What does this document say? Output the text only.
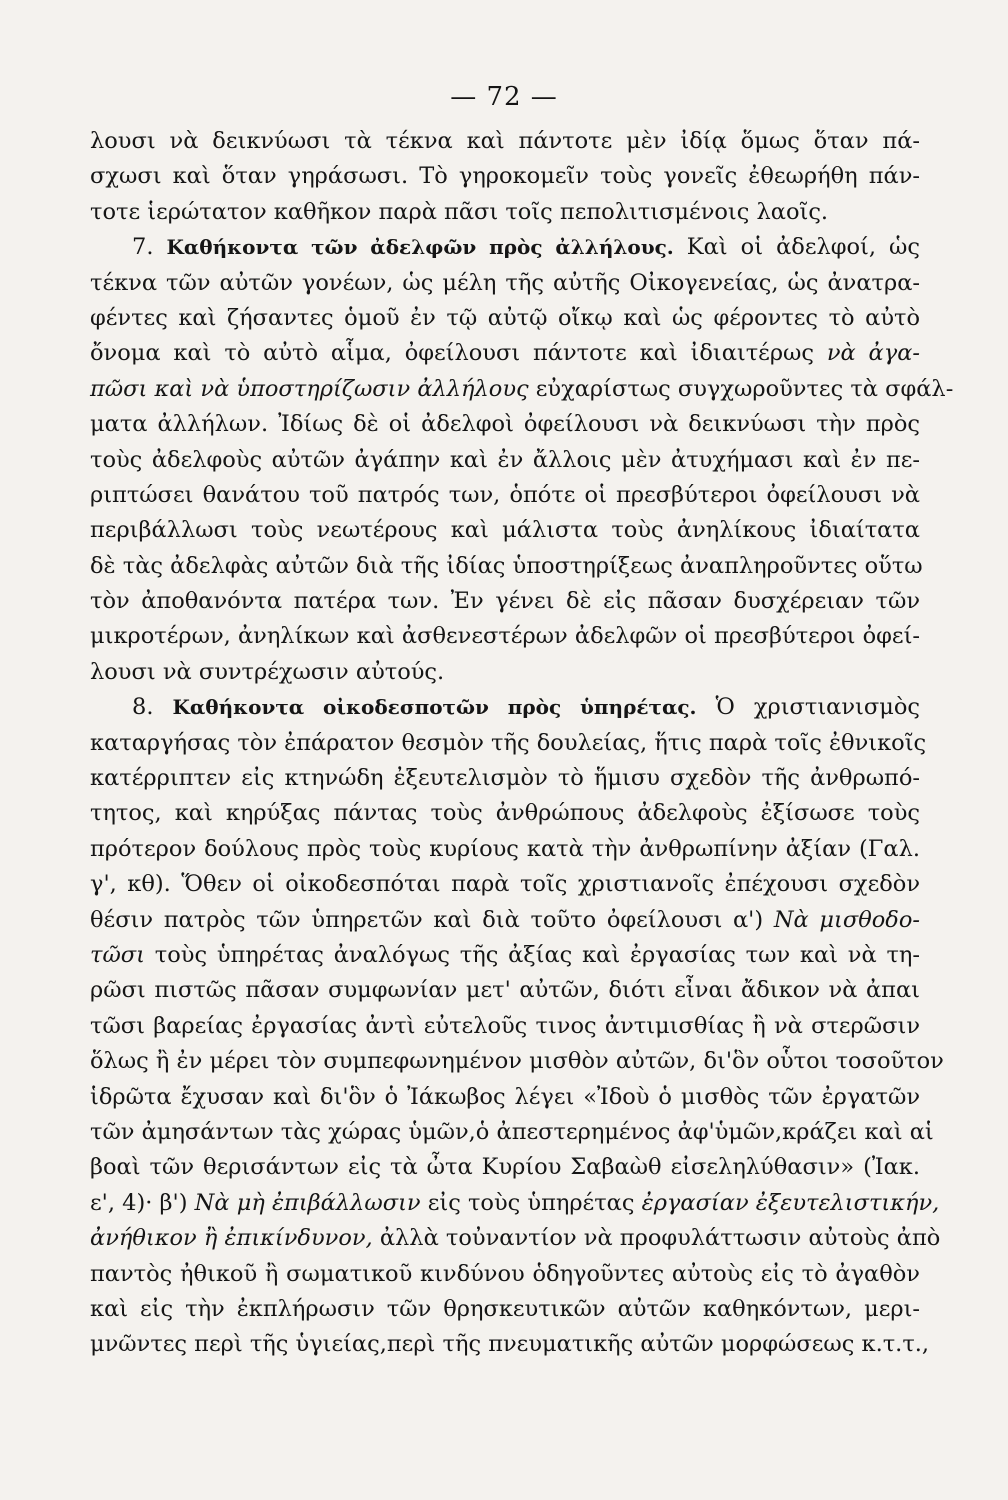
— 72 —
λουσι νὰ δεικνύωσι τὰ τέκνα καὶ πάντοτε μὲν ἰδίᾳ ὅμως ὅταν πά-
σχωσι καὶ ὅταν γηράσωσι. Τὸ γηροκομεῖν τοὺς γονεῖς ἐθεωρήθη πάν-
τοτε ἱερώτατον καθῆκον παρὰ πᾶσι τοῖς πεπολιτισμένοις λαοῖς.
7. Καθήκοντα τῶν ἀδελφῶν πρὸς ἀλλήλους. Καὶ οἱ ἀδελφοί, ὡς
τέκνα τῶν αὐτῶν γονέων, ὡς μέλη τῆς αὐτῆς Οἰκογενείας, ὡς ἀνατρα-
φέντες καὶ ζήσαντες ὁμοῦ ἐν τῷ αὐτῷ οἴκῳ καὶ ὡς φέροντες τὸ αὐτὸ
ὄνομα καὶ τὸ αὐτὸ αἷμα, ὀφείλουσι πάντοτε καὶ ἰδιαιτέρως νὰ ἀγα-
πῶσι καὶ νὰ ὑποστηρίζωσιν ἀλλήλους εὐχαρίστως συγχωροῦντες τὰ σφάλ-
ματα ἀλλήλων. Ἰδίως δὲ οἱ ἀδελφοὶ ὀφείλουσι νὰ δεικνύωσι τὴν πρὸς
τοὺς ἀδελφοὺς αὐτῶν ἀγάπην καὶ ἐν ἄλλοις μὲν ἀτυχήμασι καὶ ἐν πε-
ριπτώσει θανάτου τοῦ πατρός των, ὁπότε οἱ πρεσβύτεροι ὀφείλουσι νὰ
περιβάλλωσι τοὺς νεωτέρους καὶ μάλιστα τοὺς ἀνηλίκους ἰδιαίτατα
δὲ τὰς ἀδελφὰς αὐτῶν διὰ τῆς ἰδίας ὑποστηρίξεως ἀναπληροῦντες οὕτω
τὸν ἀποθανόντα πατέρα των. Ἐν γένει δὲ εἰς πᾶσαν δυσχέρειαν τῶν
μικροτέρων, ἀνηλίκων καὶ ἀσθενεστέρων ἀδελφῶν οἱ πρεσβύτεροι ὀφεί-
λουσι νὰ συντρέχωσιν αὐτούς.
8. Καθήκοντα οἰκοδεσποτῶν πρὸς ὑπηρέτας. Ὁ χριστιανισμὸς
καταργήσας τὸν ἐπάρατον θεσμὸν τῆς δουλείας, ἥτις παρὰ τοῖς ἐθνικοῖς
κατέρριπτεν εἰς κτηνώδη ἐξευτελισμὸν τὸ ἥμισυ σχεδὸν τῆς ἀνθρωπό-
τητος, καὶ κηρύξας πάντας τοὺς ἀνθρώπους ἀδελφοὺς ἐξίσωσε τοὺς
πρότερον δούλους πρὸς τοὺς κυρίους κατὰ τὴν ἀνθρωπίνην ἀξίαν (Γαλ.
γ', κθ). Ὅθεν οἱ οἰκοδεσπόται παρὰ τοῖς χριστιανοῖς ἐπέχουσι σχεδὸν
θέσιν πατρὸς τῶν ὑπηρετῶν καὶ διὰ τοῦτο ὀφείλουσι α') Νὰ μισθοδο-
τῶσι τοὺς ὑπηρέτας ἀναλόγως τῆς ἀξίας καὶ ἐργασίας των καὶ νὰ τη-
ρῶσι πιστῶς πᾶσαν συμφωνίαν μετ' αὐτῶν, διότι εἶναι ἄδικον νὰ ἀπαι
τῶσι βαρείας ἐργασίας ἀντὶ εὐτελοῦς τινος ἀντιμισθίας ἢ νὰ στερῶσιν
ὅλως ἢ ἐν μέρει τὸν συμπεφωνημένον μισθὸν αὐτῶν, δι'ὃν οὗτοι τοσοῦτον
ἱδρῶτα ἔχυσαν καὶ δι'ὃν ὁ Ἰάκωβος λέγει «Ἰδοὺ ὁ μισθὸς τῶν ἐργατῶν
τῶν ἀμησάντων τὰς χώρας ὑμῶν,ὁ ἀπεστερημένος ἀφ'ὑμῶν,κράζει καὶ αἱ
βοαὶ τῶν θερισάντων εἰς τὰ ὦτα Κυρίου Σαβαὼθ εἰσεληλύθασιν» (Ἰακ.
ε', 4)· β') Νὰ μὴ ἐπιβάλλωσιν εἰς τοὺς ὑπηρέτας ἐργασίαν ἐξευτελιστικήν,
ἀνήθικον ἢ ἐπικίνδυνον, ἀλλὰ τοὐναντίον νὰ προφυλάττωσιν αὐτοὺς ἀπὸ
παντὸς ἠθικοῦ ἢ σωματικοῦ κινδύνου ὁδηγοῦντες αὐτοὺς εἰς τὸ ἀγαθὸν
καὶ εἰς τὴν ἐκπλήρωσιν τῶν θρησκευτικῶν αὐτῶν καθηκόντων, μερι-
μνῶντες περὶ τῆς ὑγιείας,περὶ τῆς πνευματικῆς αὐτῶν μορφώσεως κ.τ.τ.,
